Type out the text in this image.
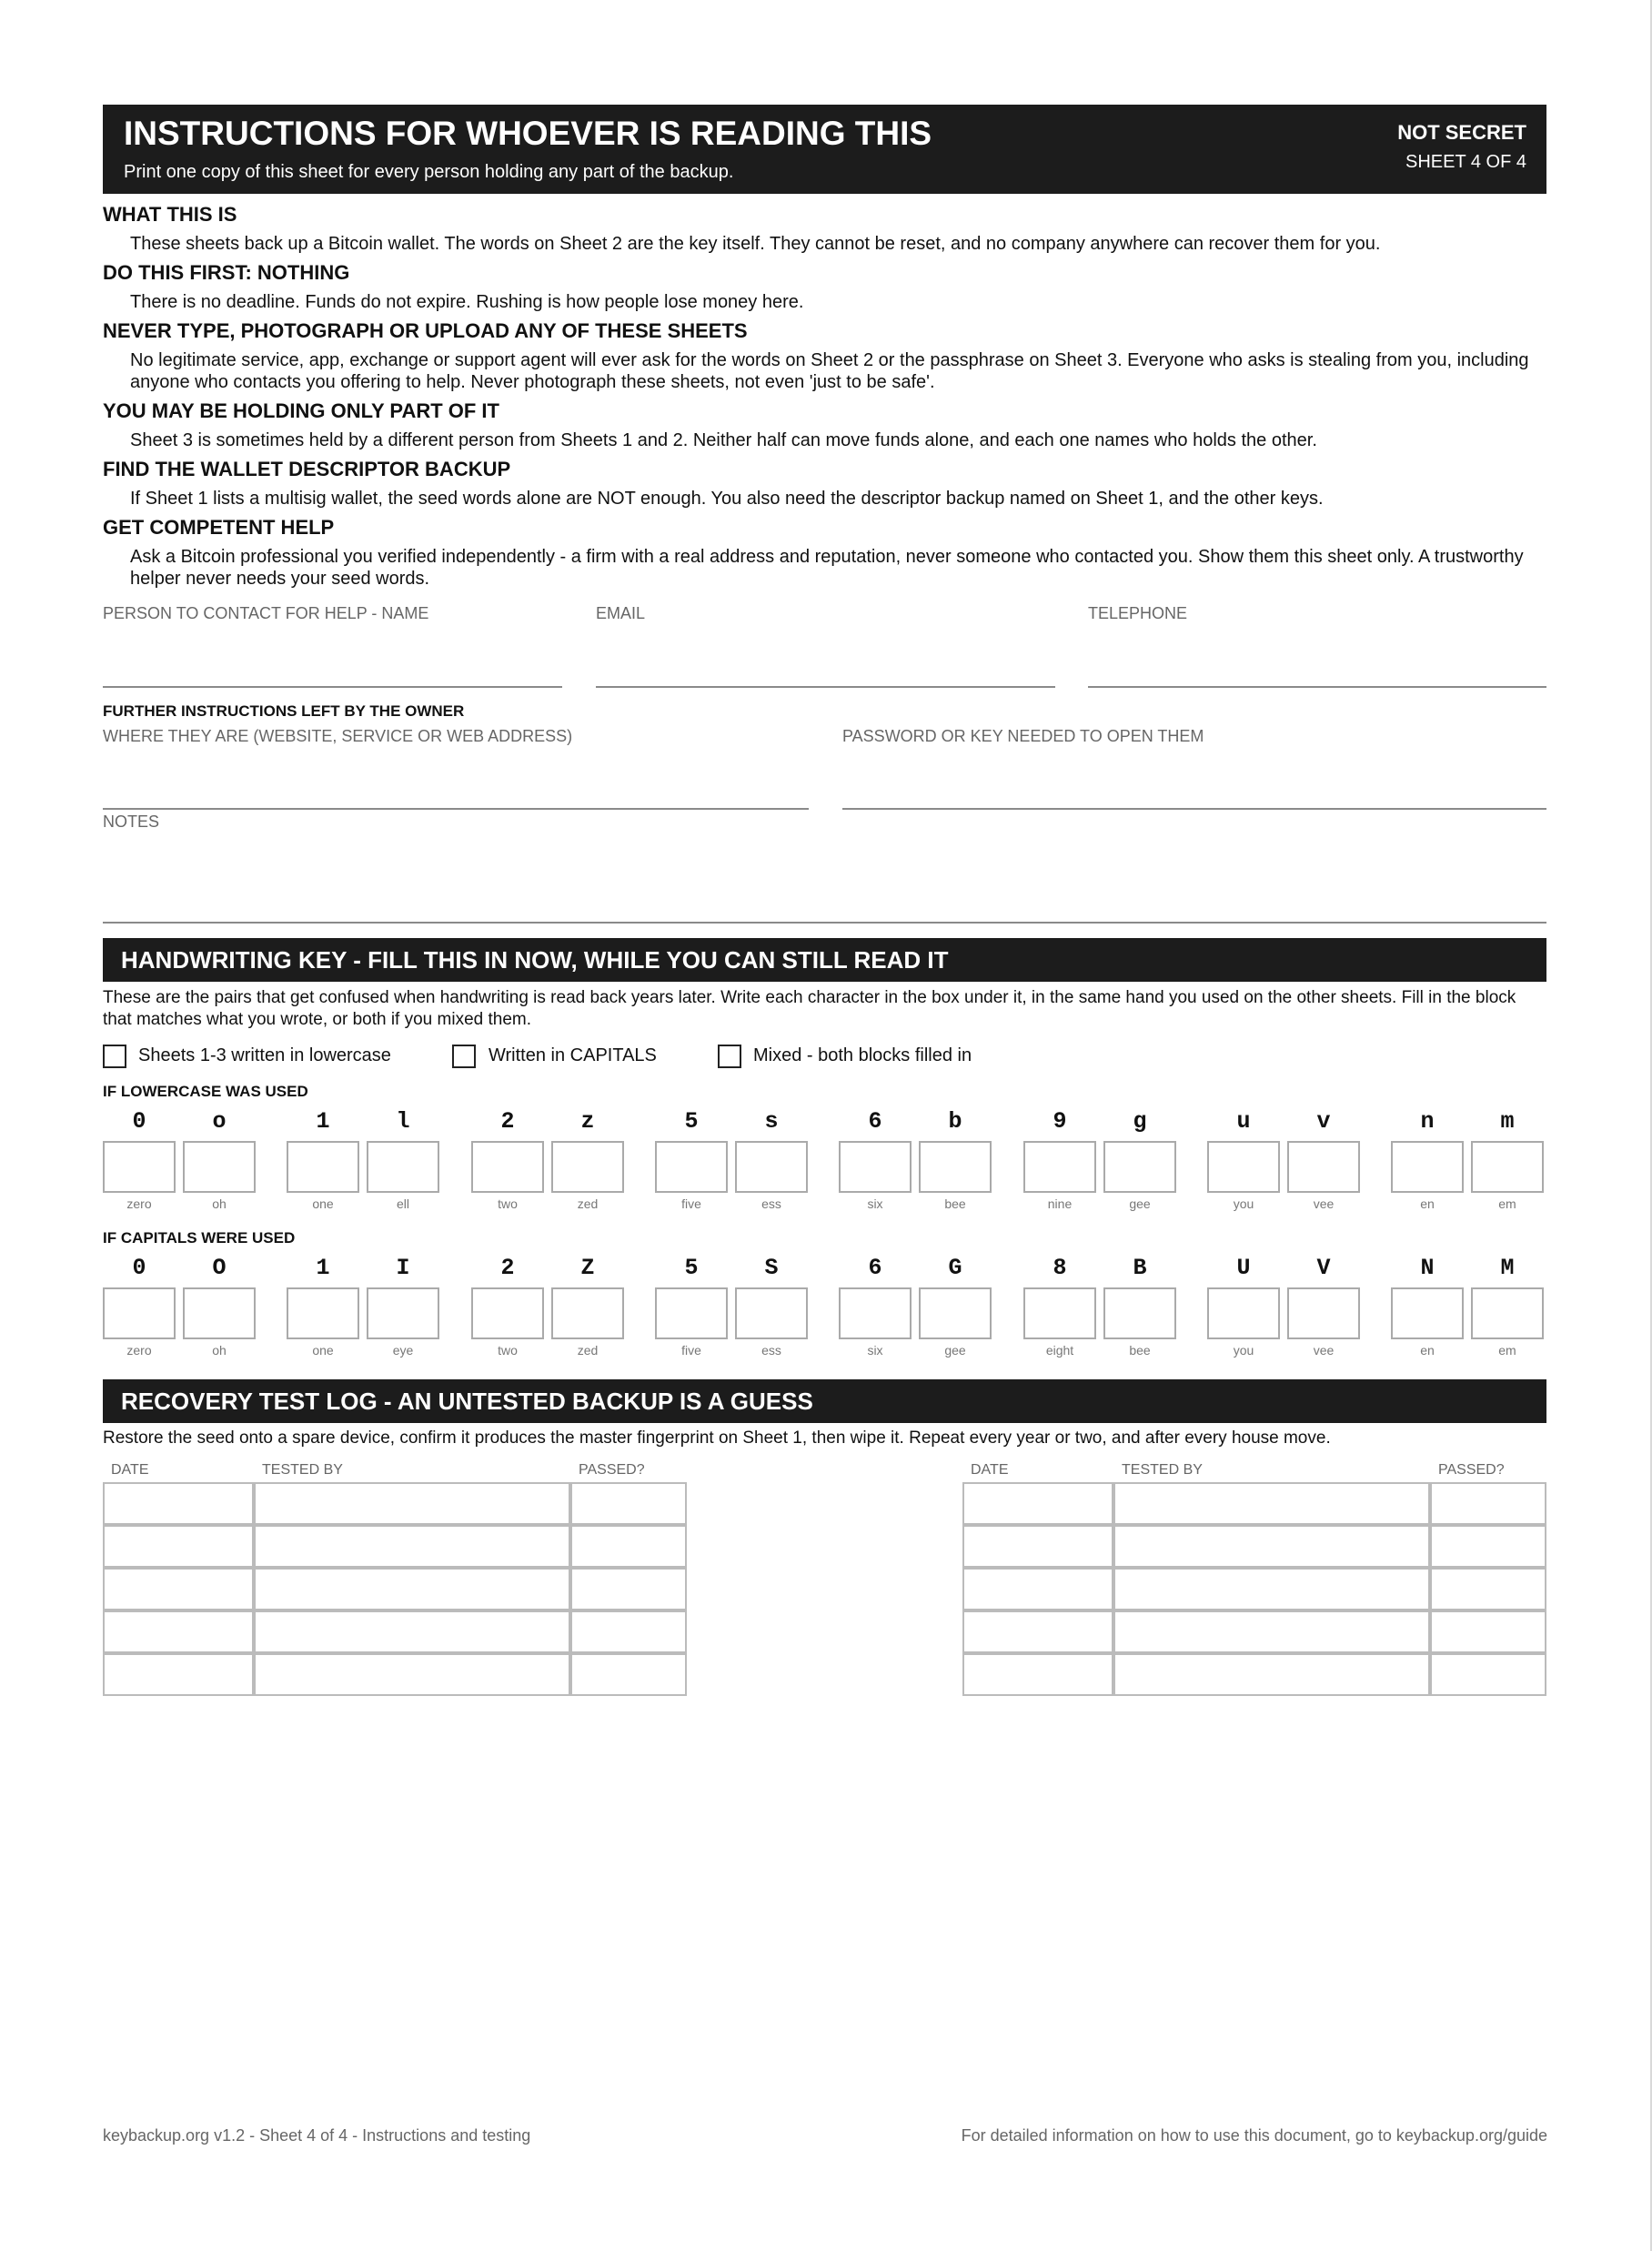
INSTRUCTIONS FOR WHOEVER IS READING THIS
Print one copy of this sheet for every person holding any part of the backup.
NOT SECRET
SHEET 4 OF 4
WHAT THIS IS
These sheets back up a Bitcoin wallet. The words on Sheet 2 are the key itself. They cannot be reset, and no company anywhere can recover them for you.
DO THIS FIRST: NOTHING
There is no deadline. Funds do not expire. Rushing is how people lose money here.
NEVER TYPE, PHOTOGRAPH OR UPLOAD ANY OF THESE SHEETS
No legitimate service, app, exchange or support agent will ever ask for the words on Sheet 2 or the passphrase on Sheet 3. Everyone who asks is stealing from you, including anyone who contacts you offering to help. Never photograph these sheets, not even 'just to be safe'.
YOU MAY BE HOLDING ONLY PART OF IT
Sheet 3 is sometimes held by a different person from Sheets 1 and 2. Neither half can move funds alone, and each one names who holds the other.
FIND THE WALLET DESCRIPTOR BACKUP
If Sheet 1 lists a multisig wallet, the seed words alone are NOT enough. You also need the descriptor backup named on Sheet 1, and the other keys.
GET COMPETENT HELP
Ask a Bitcoin professional you verified independently - a firm with a real address and reputation, never someone who contacted you. Show them this sheet only. A trustworthy helper never needs your seed words.
PERSON TO CONTACT FOR HELP - NAME	EMAIL	TELEPHONE
FURTHER INSTRUCTIONS LEFT BY THE OWNER
WHERE THEY ARE (WEBSITE, SERVICE OR WEB ADDRESS)	PASSWORD OR KEY NEEDED TO OPEN THEM
NOTES
HANDWRITING KEY - FILL THIS IN NOW, WHILE YOU CAN STILL READ IT
These are the pairs that get confused when handwriting is read back years later. Write each character in the box under it, in the same hand you used on the other sheets. Fill in the block that matches what you wrote, or both if you mixed them.
Sheets 1-3 written in lowercase	Written in CAPITALS	Mixed - both blocks filled in
IF LOWERCASE WAS USED
0
zero
o
oh
1
one
l
ell
2
two
z
zed
5
five
s
ess
6
six
b
bee
9
nine
g
gee
u
you
v
vee
n
en
m
em
IF CAPITALS WERE USED
0
zero
O
oh
1
one
I
eye
2
two
Z
zed
5
five
S
ess
6
six
G
gee
8
eight
B
bee
U
you
V
vee
N
en
M
em
RECOVERY TEST LOG - AN UNTESTED BACKUP IS A GUESS
Restore the seed onto a spare device, confirm it produces the master fingerprint on Sheet 1, then wipe it. Repeat every year or two, and after every house move.
DATE	TESTED BY	PASSED?	DATE	TESTED BY	PASSED?
keybackup.org v1.2 - Sheet 4 of 4 - Instructions and testing	For detailed information on how to use this document, go to keybackup.org/guide
